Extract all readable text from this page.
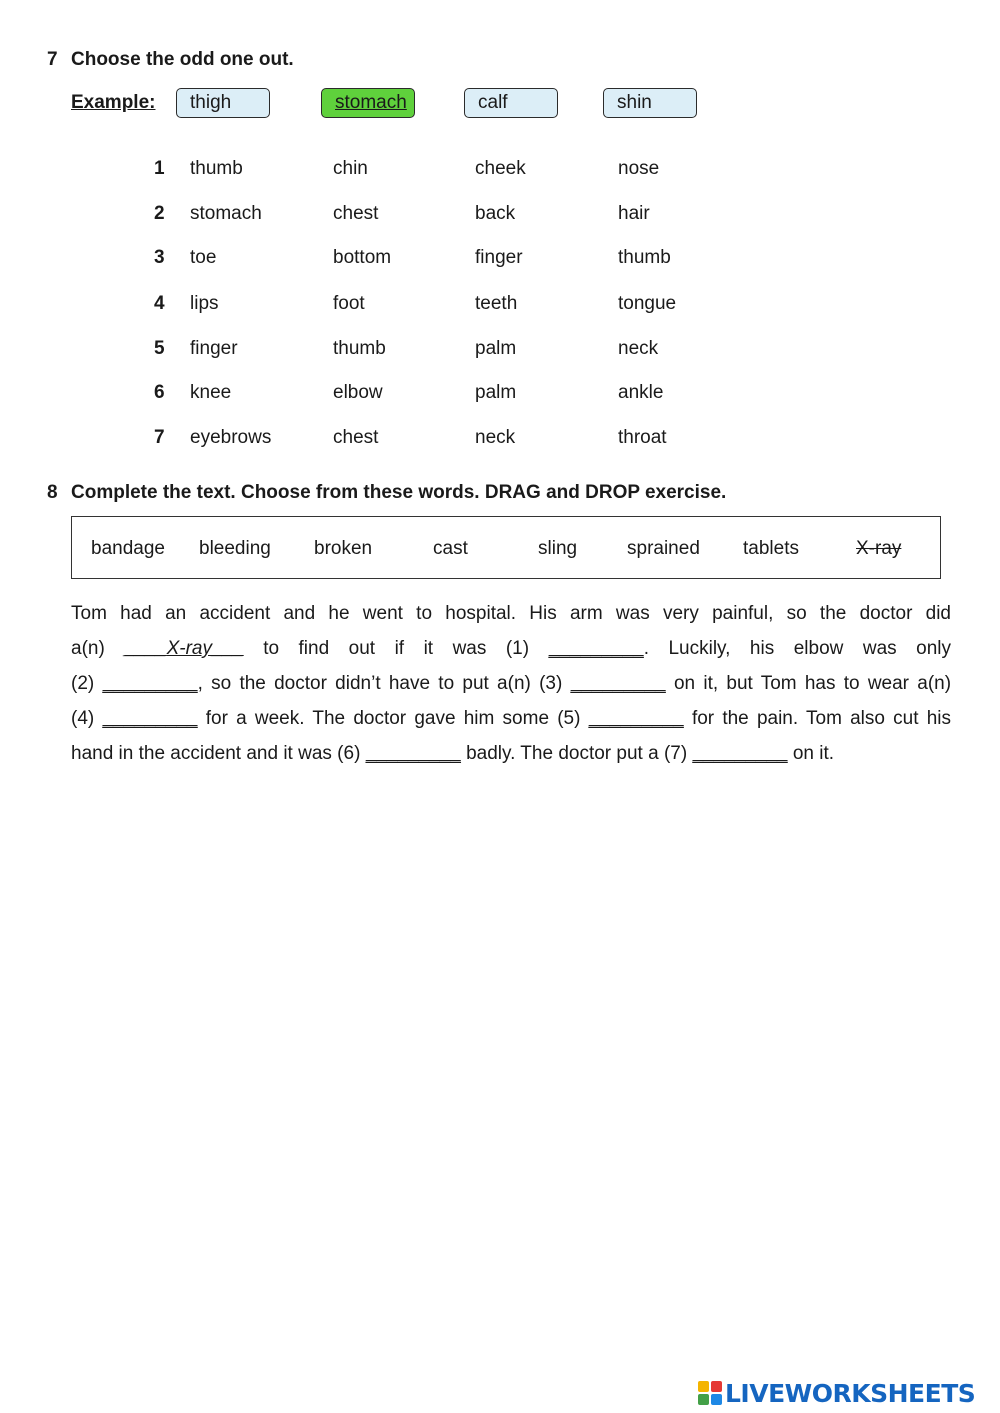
7 Choose the odd one out.
Example:	thigh	stomach	calf	shin
1 thumb	chin	cheek	nose
2 stomach	chest	back	hair
3 toe	bottom	finger	thumb
4 lips	foot	teeth	tongue
5 finger	thumb	palm	neck
6 knee	elbow	palm	ankle
7 eyebrows	chest	neck	throat
8 Complete the text. Choose from these words. DRAG and DROP exercise.
bandage bleeding broken	cast	sling	sprained tablets	X-ray
Tom had an accident and he went to hospital. His arm was very painful, so the doctor did
a(n) ____X-ray___ to find out if it was (1) _________. Luckily, his elbow was only
(2) _________, so the doctor didn’t have to put a(n) (3) _________ on it, but Tom has to wear a(n)
(4) _________ for a week. The doctor gave him some (5) _________ for the pain. Tom also cut his
hand in the accident and it was (6) _________ badly. The doctor put a (7) _________ on it.
LIVEWORKSHEETS
